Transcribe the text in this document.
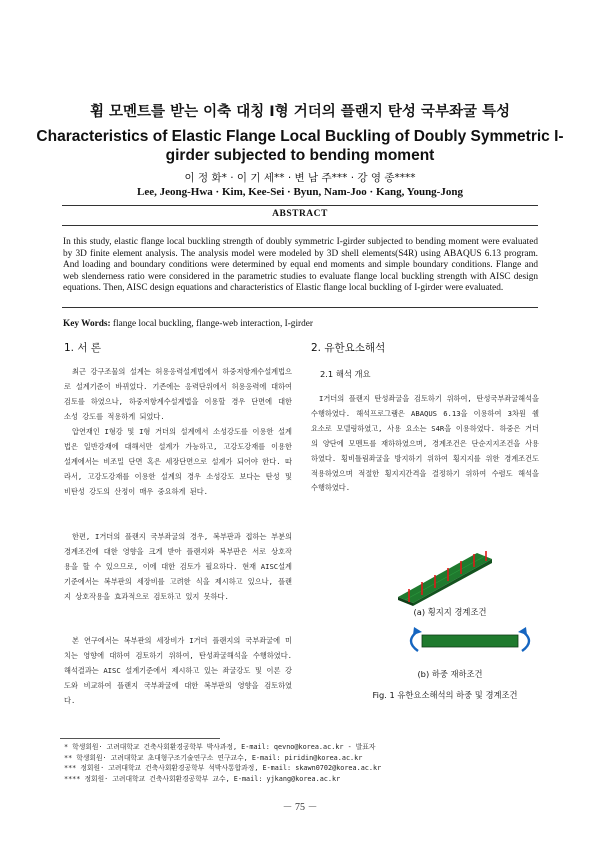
휨 모멘트를 받는 이축 대칭 I형 거더의 플랜지 탄성 국부좌굴 특성
Characteristics of Elastic Flange Local Buckling of Doubly Symmetric I-girder subjected to bending moment
이 정 화* · 이 기 세** · 변 남 주*** · 강 영 종****
Lee, Jeong-Hwa · Kim, Kee-Sei · Byun, Nam-Joo · Kang, Young-Jong
ABSTRACT
In this study, elastic flange local buckling strength of doubly symmetric I-girder subjected to bending moment were evaluated by 3D finite element analysis. The analysis model were modeled by 3D shell elements(S4R) using ABAQUS 6.13 program. And loading and boundary conditions were determined by equal end moments and simple boundary conditions. Flange and web slenderness ratio were considered in the parametric studies to evaluate flange local buckling strength with AISC design equations. Then, AISC design equations and characteristics of Elastic flange local buckling of I-girder were evaluated.
Key Words: flange local buckling, flange-web interaction, I-girder
1. 서 론

최근 강구조물의 설계는 허용응력설계법에서 하중저항계수설계법으로 설계기준이 바뀌었다. 기존에는 응력단위에서 허용응력에 대하여 검토를 하였으나, 하중저항계수설계법을 이용할 경우 단면에 대한 소성 강도를 적용하게 되었다.

압연재인 I형강 및 I형 거더의 설계에서 소성강도를 이용한 설계법은 일반강재에 대해서만 설계가 가능하고, 고강도강재를 이용한 설계에서는 비조밀 단면 혹은 세장단면으로 설계가 되어야 한다. 따라서, 고강도강재를 이용한 설계의 경우 소성강도 보다는 탄성 및 비탄성 강도의 산정이 매우 중요하게 된다.

한편, I거더의 플랜지 국부좌굴의 경우, 복부판과 접하는 부분의 경계조건에 대한 영향을 크게 받아 플랜지와 복부판은 서로 상호작용을 할 수 있으므로, 이에 대한 검토가 필요하다. 현재 AISC설계기준에서는 복부판의 세장비를 고려한 식을 제시하고 있으나, 플랜지 상호작용을 효과적으로 검토하고 있지 못하다.

본 연구에서는 복부판의 세장비가 I거더 플랜지의 국부좌굴에 미치는 영향에 대하여 검토하기 위하여, 탄성좌굴해석을 수행하였다. 해석결과는 AISC 설계기준에서 제시하고 있는 좌굴강도 및 이론 강도와 비교하여 플랜지 국부좌굴에 대한 복부판의 영향을 검토하였다.

2. 유한요소해석
2.1 해석 개요

I거더의 플랜지 탄성좌굴을 검토하기 위하여, 탄성국부좌굴해석을 수행하였다. 해석프로그램은 ABAQUS 6.13을 이용하여 3차원 쉘 요소로 모델링하였고, 사용 요소는 S4R을 이용하였다. 하중은 거더의 양단에 모멘트를 재하하였으며, 경계조건은 단순지지조건을 사용하였다. 횡비틀림좌굴을 방지하기 위하여 횡지지를 위한 경계조건도 적용하였으며 적절한 횡지지간격을 결정하기 위하여 수렴도 해석을 수행하였다.

(a) 횡지지 경계조건
(b) 하중 재하조건
Fig. 1 유한요소해석의 하중 및 경계조건
* 학생회원· 고려대학교 건축사회환경공학부 박사과정, E-mail: qevno@korea.ac.kr - 발표자
** 학생회원· 고려대학교 초대형구조기술연구소 연구교수, E-mail: piridin@korea.ac.kr
*** 정회원· 고려대학교 건축사회환경공학부 석박사통합과정, E-mail: skawn0702@korea.ac.kr
**** 정회원· 고려대학교 건축사회환경공학부 교수, E-mail: yjkang@korea.ac.kr
－ 75 －
